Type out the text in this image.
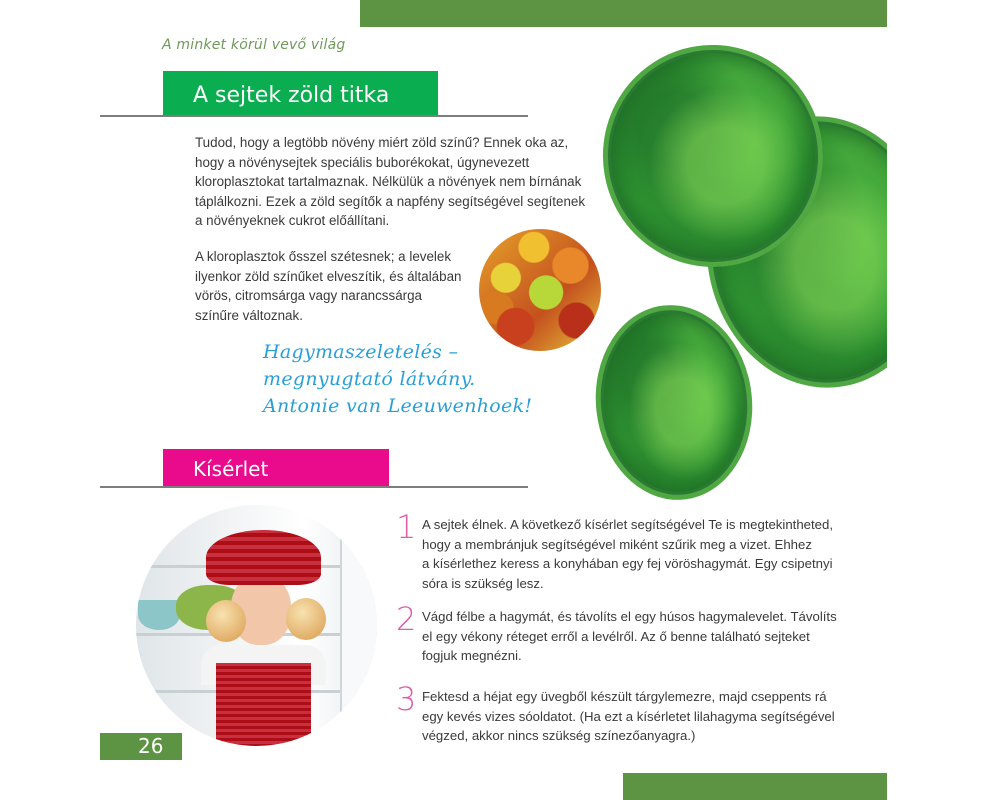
A minket körül vevő világ
A sejtek zöld titka
Tudod, hogy a legtöbb növény miért zöld színű? Ennek oka az,
hogy a növénysejtek speciális buborékokat, úgynevezett
kloroplasztokat tartalmaznak. Nélkülük a növények nem bírnának
táplálkozni. Ezek a zöld segítők a napfény segítségével segítenek
a növényeknek cukrot előállítani.
A kloroplasztok ősszel szétesnek; a levelek
ilyenkor zöld színűket elveszítik, és általában
vörös, citromsárga vagy narancssárga
színűre változnak.
Hagymaszeletelés –
megnyugtató látvány.
Antonie van Leeuwenhoek!
Kísérlet
26
1 A sejtek élnek. A következő kísérlet segítségével Te is megtekintheted,
hogy a membránjuk segítségével miként szűrik meg a vizet. Ehhez
a kísérlethez keress a konyhában egy fej vöröshagymát. Egy csipetnyi
sóra is szükség lesz.
2 Vágd félbe a hagymát, és távolíts el egy húsos hagymalevelet. Távolíts
el egy vékony réteget erről a levélről. Az ő benne található sejteket
fogjuk megnézni.
3 Fektesd a héjat egy üvegből készült tárgylemezre, majd cseppents rá
egy kevés vizes sóoldatot. (Ha ezt a kísérletet lilahagyma segítségével
végzed, akkor nincs szükség színezőanyagra.)
